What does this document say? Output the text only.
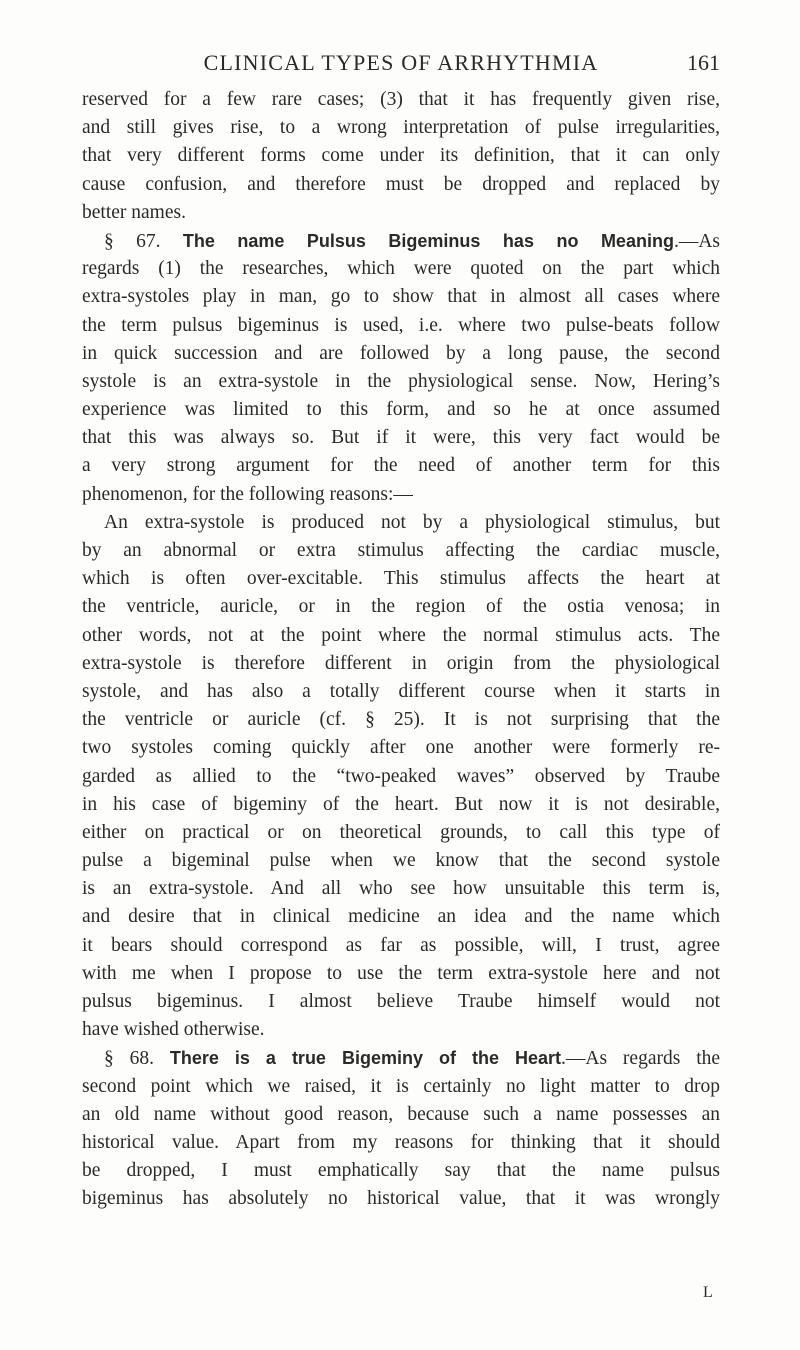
CLINICAL TYPES OF ARRHYTHMIA	161
reserved for a few rare cases; (3) that it has frequently given rise,
and still gives rise, to a wrong interpretation of pulse irregularities,
that very different forms come under its definition, that it can only
cause confusion, and therefore must be dropped and replaced by
better names.
§ 67. The name Pulsus Bigeminus has no Meaning.—As
regards (1) the researches, which were quoted on the part which
extra-systoles play in man, go to show that in almost all cases where
the term pulsus bigeminus is used, i.e. where two pulse-beats follow
in quick succession and are followed by a long pause, the second
systole is an extra-systole in the physiological sense. Now, Hering’s
experience was limited to this form, and so he at once assumed
that this was always so. But if it were, this very fact would be
a very strong argument for the need of another term for this
phenomenon, for the following reasons:—
An extra-systole is produced not by a physiological stimulus, but
by an abnormal or extra stimulus affecting the cardiac muscle,
which is often over-excitable. This stimulus affects the heart at
the ventricle, auricle, or in the region of the ostia venosa; in
other words, not at the point where the normal stimulus acts. The
extra-systole is therefore different in origin from the physiological
systole, and has also a totally different course when it starts in
the ventricle or auricle (cf. § 25). It is not surprising that the
two systoles coming quickly after one another were formerly re-
garded as allied to the “two-peaked waves” observed by Traube
in his case of bigeminy of the heart. But now it is not desirable,
either on practical or on theoretical grounds, to call this type of
pulse a bigeminal pulse when we know that the second systole
is an extra-systole. And all who see how unsuitable this term is,
and desire that in clinical medicine an idea and the name which
it bears should correspond as far as possible, will, I trust, agree
with me when I propose to use the term extra-systole here and not
pulsus bigeminus. I almost believe Traube himself would not
have wished otherwise.
§ 68. There is a true Bigeminy of the Heart.—As regards the
second point which we raised, it is certainly no light matter to drop
an old name without good reason, because such a name possesses an
historical value. Apart from my reasons for thinking that it should
be dropped, I must emphatically say that the name pulsus
bigeminus has absolutely no historical value, that it was wrongly
L
